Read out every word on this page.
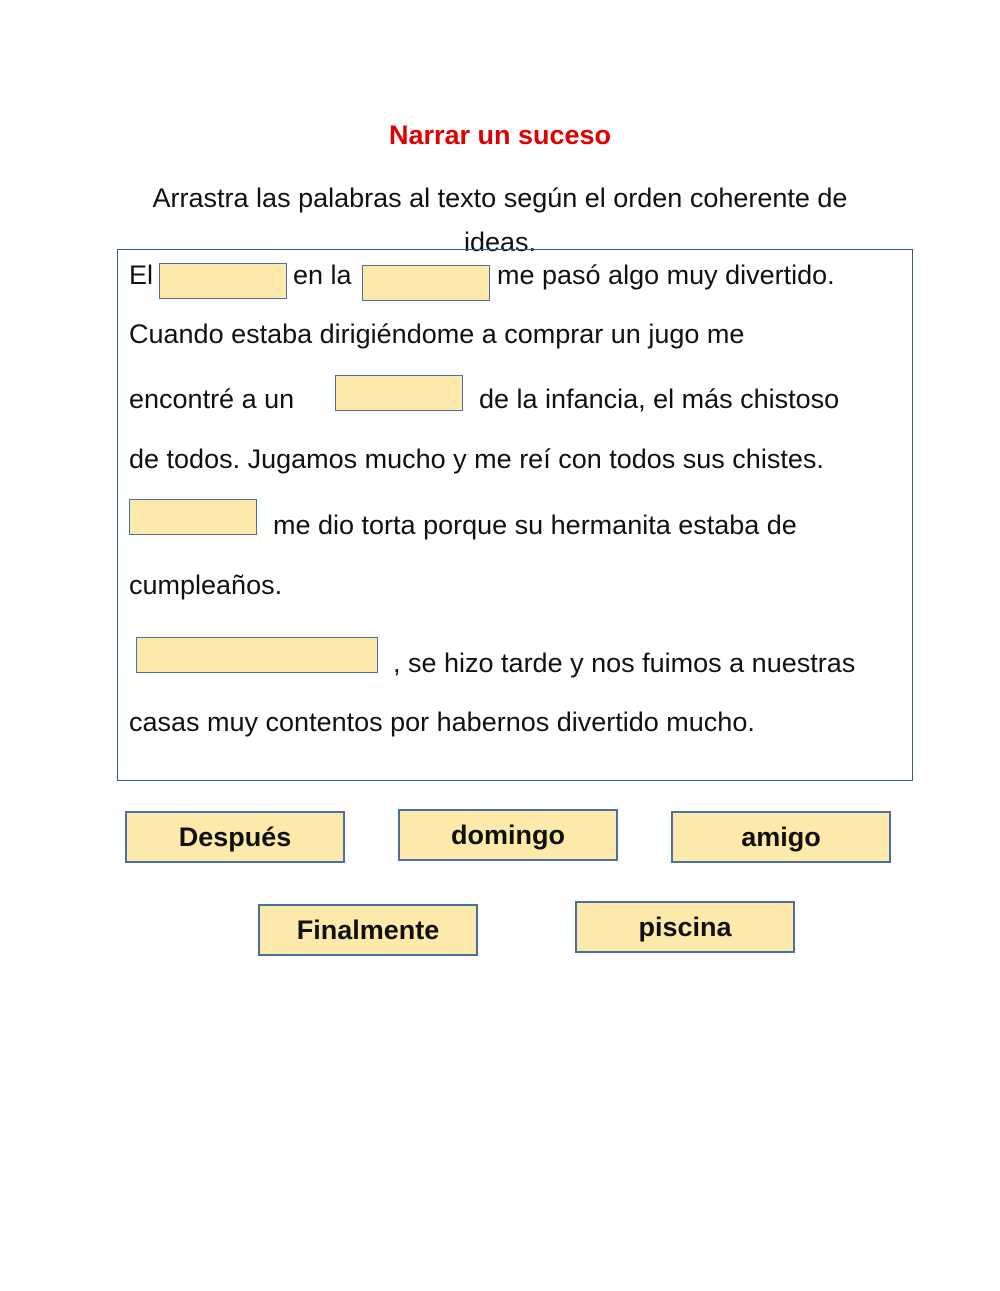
Narrar un suceso
Arrastra las palabras al texto según el orden coherente de ideas.
El	en la	me pasó algo muy divertido.
Cuando estaba dirigiéndome a comprar un jugo me
encontré a un	de la infancia, el más chistoso
de todos. Jugamos mucho y me reí con todos sus chistes.
me dio torta porque su hermanita estaba de
cumpleaños.
, se hizo tarde y nos fuimos a nuestras
casas muy contentos por habernos divertido mucho.
Después	domingo	amigo
Finalmente	piscina
